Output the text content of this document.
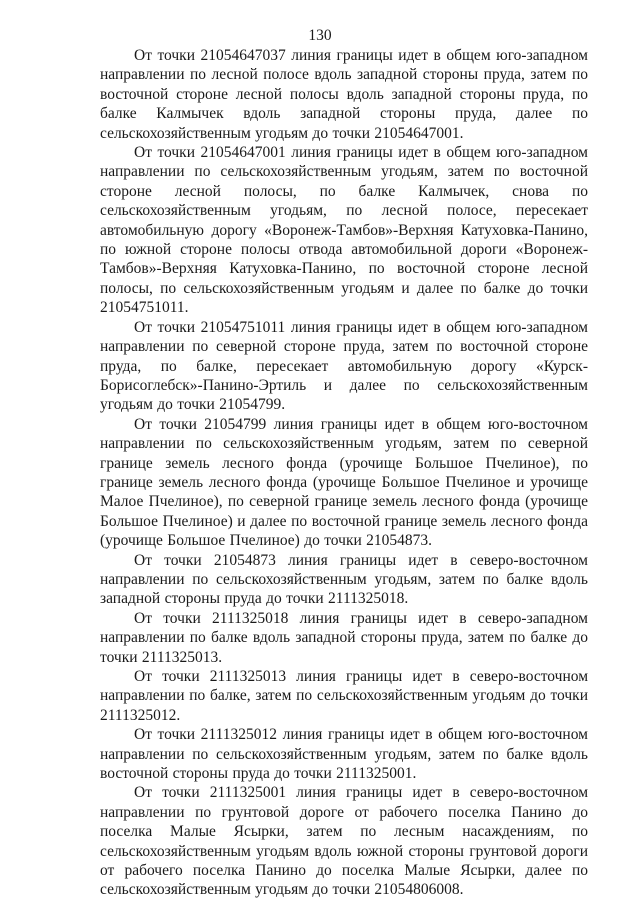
130

От точки 21054647037 линия границы идет в общем юго-западном направлении по лесной полосе вдоль западной стороны пруда, затем по восточной стороне лесной полосы вдоль западной стороны пруда, по балке Калмычек вдоль западной стороны пруда, далее по сельскохозяйственным угодьям до точки 21054647001.

От точки 21054647001 линия границы идет в общем юго-западном направлении по сельскохозяйственным угодьям, затем по восточной стороне лесной полосы, по балке Калмычек, снова по сельскохозяйственным угодьям, по лесной полосе, пересекает автомобильную дорогу «Воронеж-Тамбов»-Верхняя Катуховка-Панино, по южной стороне полосы отвода автомобильной дороги «Воронеж-Тамбов»-Верхняя Катуховка-Панино, по восточной стороне лесной полосы, по сельскохозяйственным угодьям и далее по балке до точки 21054751011.

От точки 21054751011 линия границы идет в общем юго-западном направлении по северной стороне пруда, затем по восточной стороне пруда, по балке, пересекает автомобильную дорогу «Курск-Борисоглебск»-Панино-Эртиль и далее по сельскохозяйственным угодьям до точки 21054799.

От точки 21054799 линия границы идет в общем юго-восточном направлении по сельскохозяйственным угодьям, затем по северной границе земель лесного фонда (урочище Большое Пчелиное), по границе земель лесного фонда (урочище Большое Пчелиное и урочище Малое Пчелиное), по северной границе земель лесного фонда (урочище Большое Пчелиное) и далее по восточной границе земель лесного фонда (урочище Большое Пчелиное) до точки 21054873.

От точки 21054873 линия границы идет в северо-восточном направлении по сельскохозяйственным угодьям, затем по балке вдоль западной стороны пруда до точки 2111325018.

От точки 2111325018 линия границы идет в северо-западном направлении по балке вдоль западной стороны пруда, затем по балке до точки 2111325013.

От точки 2111325013 линия границы идет в северо-восточном направлении по балке, затем по сельскохозяйственным угодьям до точки 2111325012.

От точки 2111325012 линия границы идет в общем юго-восточном направлении по сельскохозяйственным угодьям, затем по балке вдоль восточной стороны пруда до точки 2111325001.

От точки 2111325001 линия границы идет в северо-восточном направлении по грунтовой дороге от рабочего поселка Панино до поселка Малые Ясырки, затем по лесным насаждениям, по сельскохозяйственным угодьям вдоль южной стороны грунтовой дороги от рабочего поселка Панино до поселка Малые Ясырки, далее по сельскохозяйственным угодьям до точки 21054806008.
